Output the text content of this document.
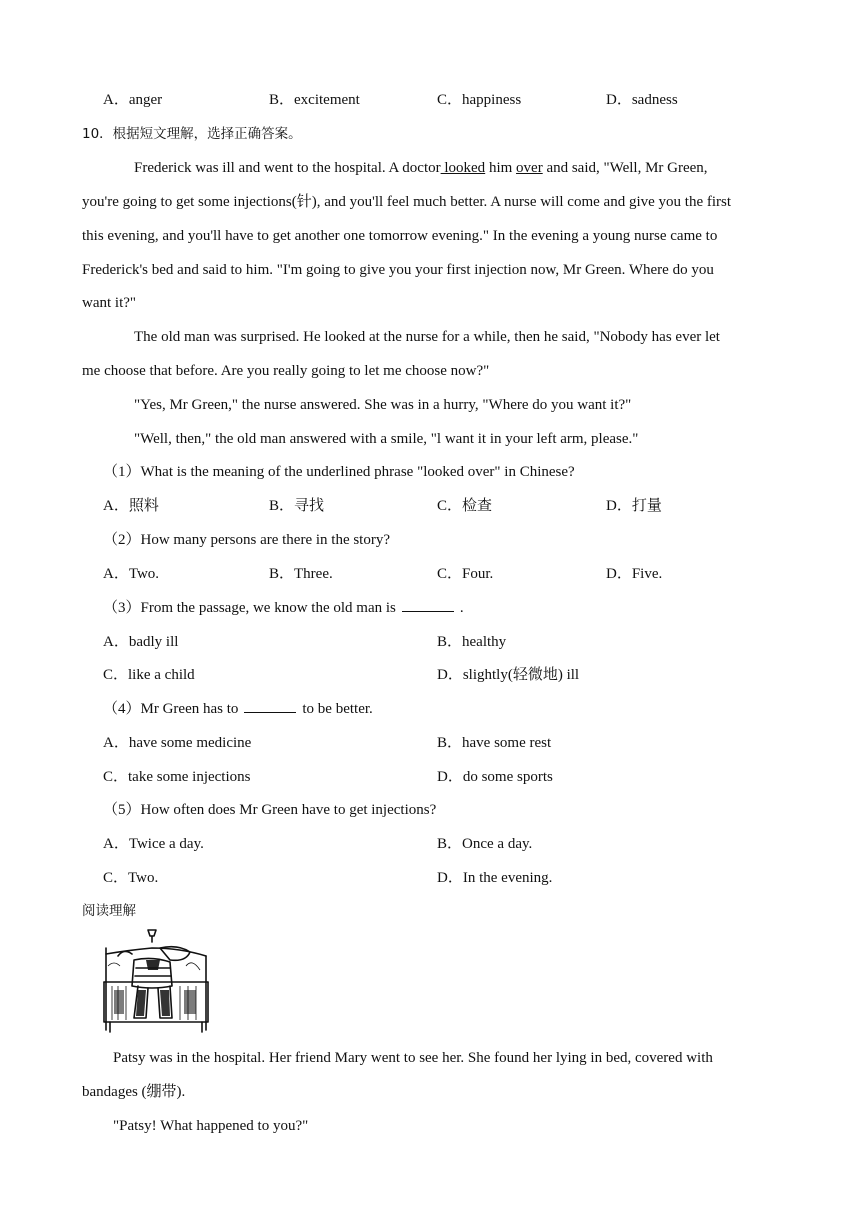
A．anger	B．excitement	C．happiness	D．sadness
10．根据短文理解，选择正确答案。
Frederick was ill and went to the hospital. A doctor looked him over and said, "Well, Mr Green,
you're going to get some injections(针), and you'll feel much better. A nurse will come and give you the first
this evening, and you'll have to get another one tomorrow evening." In the evening a young nurse came to
Frederick's bed and said to him. "I'm going to give you your first injection now, Mr Green. Where do you
want it?"
The old man was surprised. He looked at the nurse for a while, then he said, "Nobody has ever let
me choose that before. Are you really going to let me choose now?"
"Yes, Mr Green," the nurse answered. She was in a hurry, "Where do you want it?"
"Well, then," the old man answered with a smile, "l want it in your left arm, please."
（1）What is the meaning of the underlined phrase "looked over" in Chinese?
A．照料	B．寻找	C．检查	D．打量
（2）How many persons are there in the story?
A．Two.	B．Three.	C．Four.	D．Five.
（3）From the passage, we know the old man is	.
A．badly ill	B．healthy
C．like a child	D．slightly(轻微地) ill
（4）Mr Green has to	to be better.
A．have some medicine	B．have some rest
C．take some injections	D．do some sports
（5）How often does Mr Green have to get injections?
A．Twice a day.	B．Once a day.
C．Two.	D．In the evening.
阅读理解
Patsy was in the hospital. Her friend Mary went to see her. She found her lying in bed, covered with
bandages (绷带).
"Patsy! What happened to you?"
